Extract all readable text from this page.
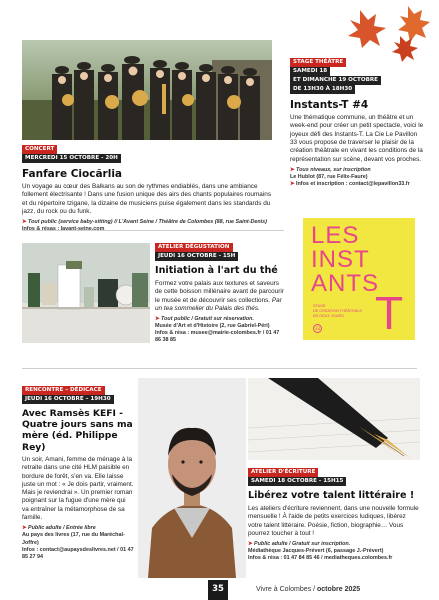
CONCERT
MERCREDI 15 OCTOBRE - 20H
Fanfare Ciocărlia
Un voyage au cœur des Balkans au son de rythmes endiablés, dans une ambiance follement électrisante ! Dans une fusion unique des airs des chants populaires roumains et du répertoire tzigane, la dizaine de musiciens puise également dans les standards du jazz, du rock ou du funk.
➤ Tout public (service baby-sitting) // L'Avant Seine / Théâtre de Colombes (88, rue Saint-Denis)
STAGE THÉÂTRE
SAMEDI 18
ET DIMANCHE 19 OCTOBRE
DE 13H30 À 18H30
Instants-T #4
Une thématique commune, un théâtre et un week-end pour créer un petit spectacle, voici le joyeux défi des Instants-T. La Cie Le Pavillon 33 vous propose de traverser le plaisir de la création théâtrale en vivant les conditions de la représentation sur scène, devant vos proches.
➤ Tous niveaux, sur inscription
Le Hublot (87, rue Félix-Faure)
➤ Infos et inscription : contact@lepavillon33.fr
LES
INST
ANTS
T
STAGE
DE CRÉATION THÉÂTRALE
EN DEUX JOURS
33
ATELIER DÉGUSTATION
JEUDI 16 OCTOBRE - 15H
Initiation à l'art du thé
Formez votre palais aux textures et saveurs de cette boisson millénaire avant de parcourir le musée et de découvrir ses collections. Par un tea sommelier du Palais des thés.
➤ Tout public / Gratuit sur réservation.
Musée d'Art et d'Histoire (2, rue Gabriel-Péri)
Infos & résa : musee@mairie-colombes.fr / 01 47 86 38 85
RENCONTRE – DÉDICACE
JEUDI 16 OCTOBRE – 19H30
Avec Ramsès KEFI - Quatre jours sans ma mère (éd. Philippe Rey)
Un soir, Amani, femme de ménage à la retraite dans une cité HLM paisible en bordure de forêt, s'en va. Elle laisse juste un mot : « Je dois partir, vraiment. Mais je reviendrai ». Un premier roman poignant sur la fugue d'une mère qui va entraîner la métamorphose de sa famille.
➤ Public adulte / Entrée libre
Au pays des livres (17, rue du Maréchal-Joffre)
Infos : contact@aupaysdeslivres.net / 01 47 85 27 94
ATELIER D'ÉCRITURE
SAMEDI 18 OCTOBRE - 15H15
Libérez votre talent littéraire !
Les ateliers d'écriture reviennent, dans une nouvelle formule mensuelle ! À l'aide de petits exercices ludiques, libérez votre talent littéraire. Poésie, fiction, biographie… Vous pourrez toucher à tout !
➤ Public adulte / Gratuit sur inscription.
Médiathèque Jacques-Prévert (6, passage J.-Prévert)
Infos & résa : 01 47 84 85 46 / mediatheques.colombes.fr
35	Vivre à Colombes / octobre 2025
